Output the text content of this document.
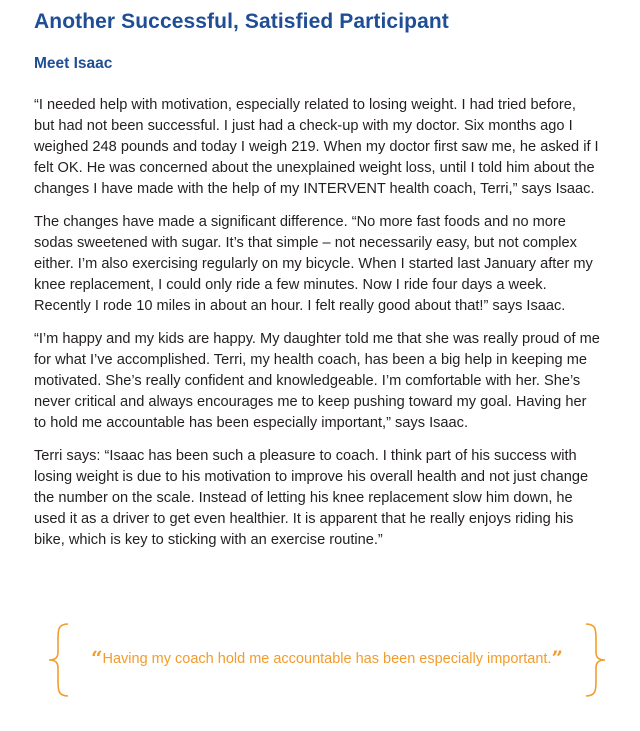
Another Successful, Satisfied Participant
Meet Isaac

“I needed help with motivation, especially related to losing weight. I had tried before, but had not been successful. I just had a check-up with my doctor. Six months ago I weighed 248 pounds and today I weigh 219. When my doctor first saw me, he asked if I felt OK. He was concerned about the unexplained weight loss, until I told him about the changes I have made with the help of my INTERVENT health coach, Terri,” says Isaac.

The changes have made a significant difference. “No more fast foods and no more sodas sweetened with sugar. It’s that simple – not necessarily easy, but not complex either. I’m also exercising regularly on my bicycle. When I started last January after my knee replacement, I could only ride a few minutes. Now I ride four days a week. Recently I rode 10 miles in about an hour. I felt really good about that!” says Isaac.

“I’m happy and my kids are happy. My daughter told me that she was really proud of me for what I’ve accomplished. Terri, my health coach, has been a big help in keeping me motivated. She’s really confident and knowledgeable. I’m comfortable with her. She’s never critical and always encourages me to keep pushing toward my goal. Having her to hold me accountable has been especially important,” says Isaac.

Terri says: “Isaac has been such a pleasure to coach. I think part of his success with losing weight is due to his motivation to improve his overall health and not just change the number on the scale. Instead of letting his knee replacement slow him down, he used it as a driver to get even healthier. It is apparent that he really enjoys riding his bike, which is key to sticking with an exercise routine.”

“Having my coach hold me accountable has been especially important.”
